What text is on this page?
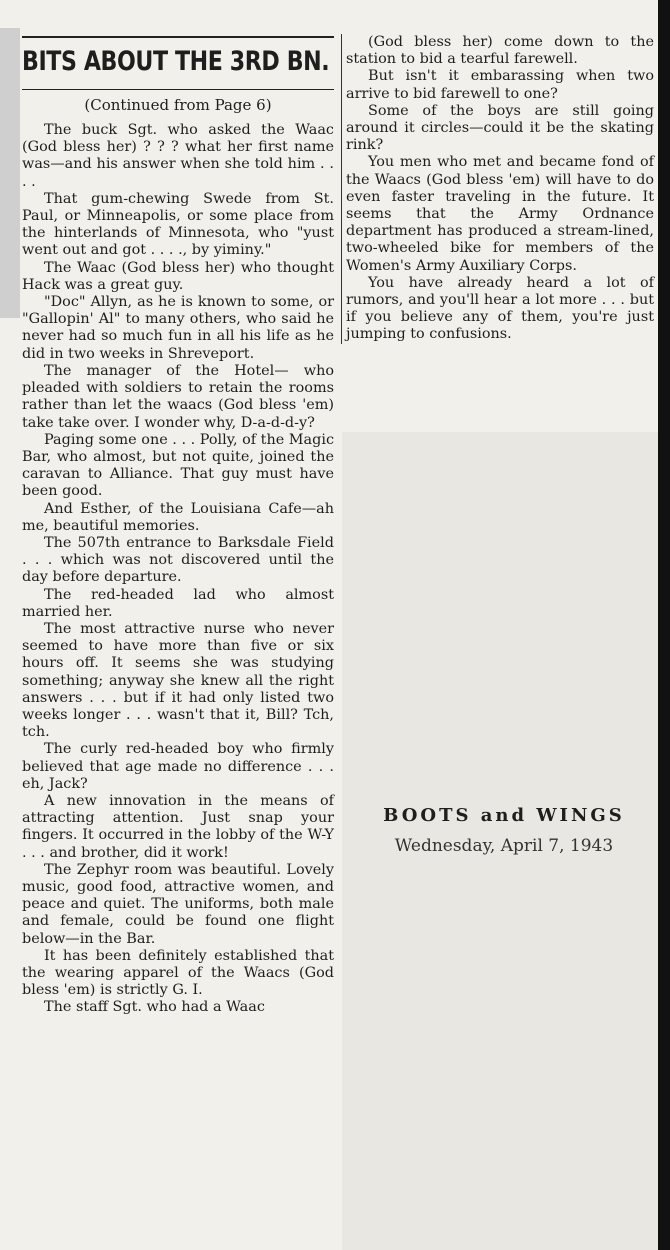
BITS ABOUT THE 3RD BN.
(Continued from Page 6)

The buck Sgt. who asked the Waac (God bless her) ? ? ? what her first name was—and his answer when she told him . . . .

That gum-chewing Swede from St. Paul, or Minneapolis, or some place from the hinterlands of Minnesota, who "yust went out and got . . . ., by yiminy."

The Waac (God bless her) who thought Hack was a great guy.

"Doc" Allyn, as he is known to some, or "Gallopin' Al" to many others, who said he never had so much fun in all his life as he did in two weeks in Shreveport.

The manager of the Hotel— who pleaded with soldiers to retain the rooms rather than let the waacs (God bless 'em) take take over. I wonder why, D-a-d-d-y?

Paging some one . . . Polly, of the Magic Bar, who almost, but not quite, joined the caravan to Alliance. That guy must have been good.

And Esther, of the Louisiana Cafe—ah me, beautiful memories.

The 507th entrance to Barksdale Field . . . which was not discovered until the day before departure.

The red-headed lad who almost married her.

The most attractive nurse who never seemed to have more than five or six hours off. It seems she was studying something; anyway she knew all the right answers . . . but if it had only listed two weeks longer . . . wasn't that it, Bill? Tch, tch.

The curly red-headed boy who firmly believed that age made no difference . . . eh, Jack?

A new innovation in the means of attracting attention. Just snap your fingers. It occurred in the lobby of the W-Y . . . and brother, did it work!

The Zephyr room was beautiful. Lovely music, good food, attractive women, and peace and quiet. The uniforms, both male and female, could be found one flight below—in the Bar.

It has been definitely established that the wearing apparel of the Waacs (God bless 'em) is strictly G. I.

The staff Sgt. who had a Waac

(God bless her) come down to the station to bid a tearful farewell.

But isn't it embarassing when two arrive to bid farewell to one?

Some of the boys are still going around it circles—could it be the skating rink?

You men who met and became fond of the Waacs (God bless 'em) will have to do even faster traveling in the future. It seems that the Army Ordnance department has produced a stream-lined, two-wheeled bike for members of the Women's Army Auxiliary Corps.

You have already heard a lot of rumors, and you'll hear a lot more . . . but if you believe any of them, you're just jumping to confusions.

BOOTS and WINGS
Wednesday, April 7, 1943
